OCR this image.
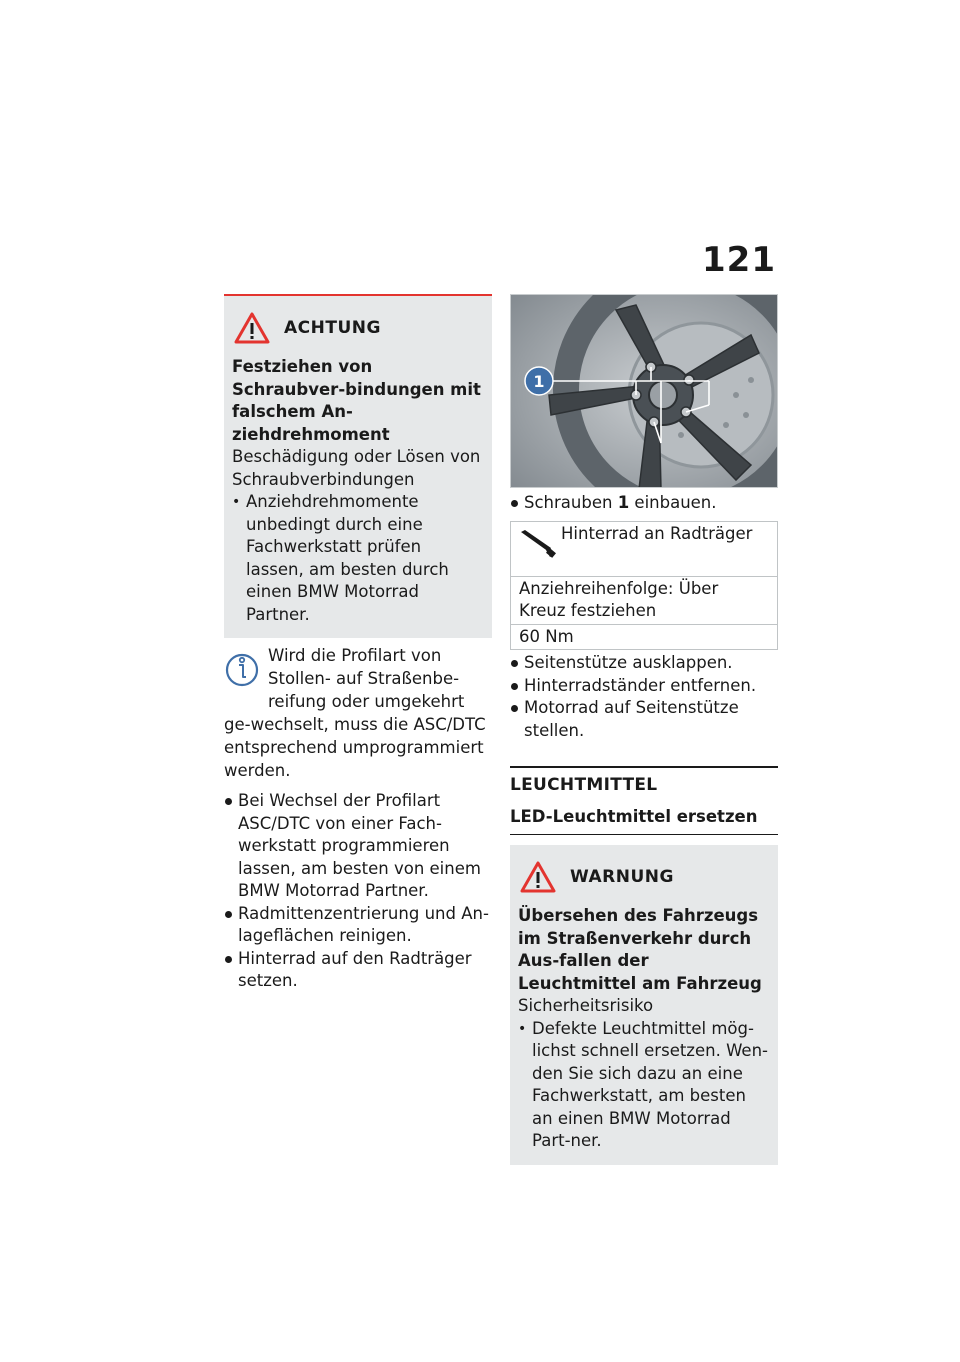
121
ACHTUNG
Festziehen von Schraubver-bindungen mit falschem An-ziehdrehmoment
Beschädigung oder Lösen von Schraubverbindungen
• Anziehdrehmomente unbedingt durch eine Fachwerkstatt prüfen lassen, am besten durch einen BMW Motorrad Partner.
Wird die Profilart von Stollen- auf Straßenbe-reifung oder umgekehrt ge-wechselt, muss die ASC/DTC entsprechend umprogrammiert werden.
Bei Wechsel der Profilart ASC/DTC von einer Fach-werkstatt programmieren lassen, am besten von einem BMW Motorrad Partner.
Radmittenzentrierung und An-lageflächen reinigen.
Hinterrad auf den Radträger setzen.
1
Schrauben 1 einbauen.
Hinterrad an Radträger
Anziehreihenfolge: Über Kreuz festziehen
60 Nm
Seitenstütze ausklappen.
Hinterradständer entfernen.
Motorrad auf Seitenstütze stellen.
LEUCHTMITTEL
LED-Leuchtmittel ersetzen
WARNUNG
Übersehen des Fahrzeugs im Straßenverkehr durch Aus-fallen der Leuchtmittel am Fahrzeug
Sicherheitsrisiko
• Defekte Leuchtmittel mög-lichst schnell ersetzen. Wen-den Sie sich dazu an eine Fachwerkstatt, am besten an einen BMW Motorrad Part-ner.
